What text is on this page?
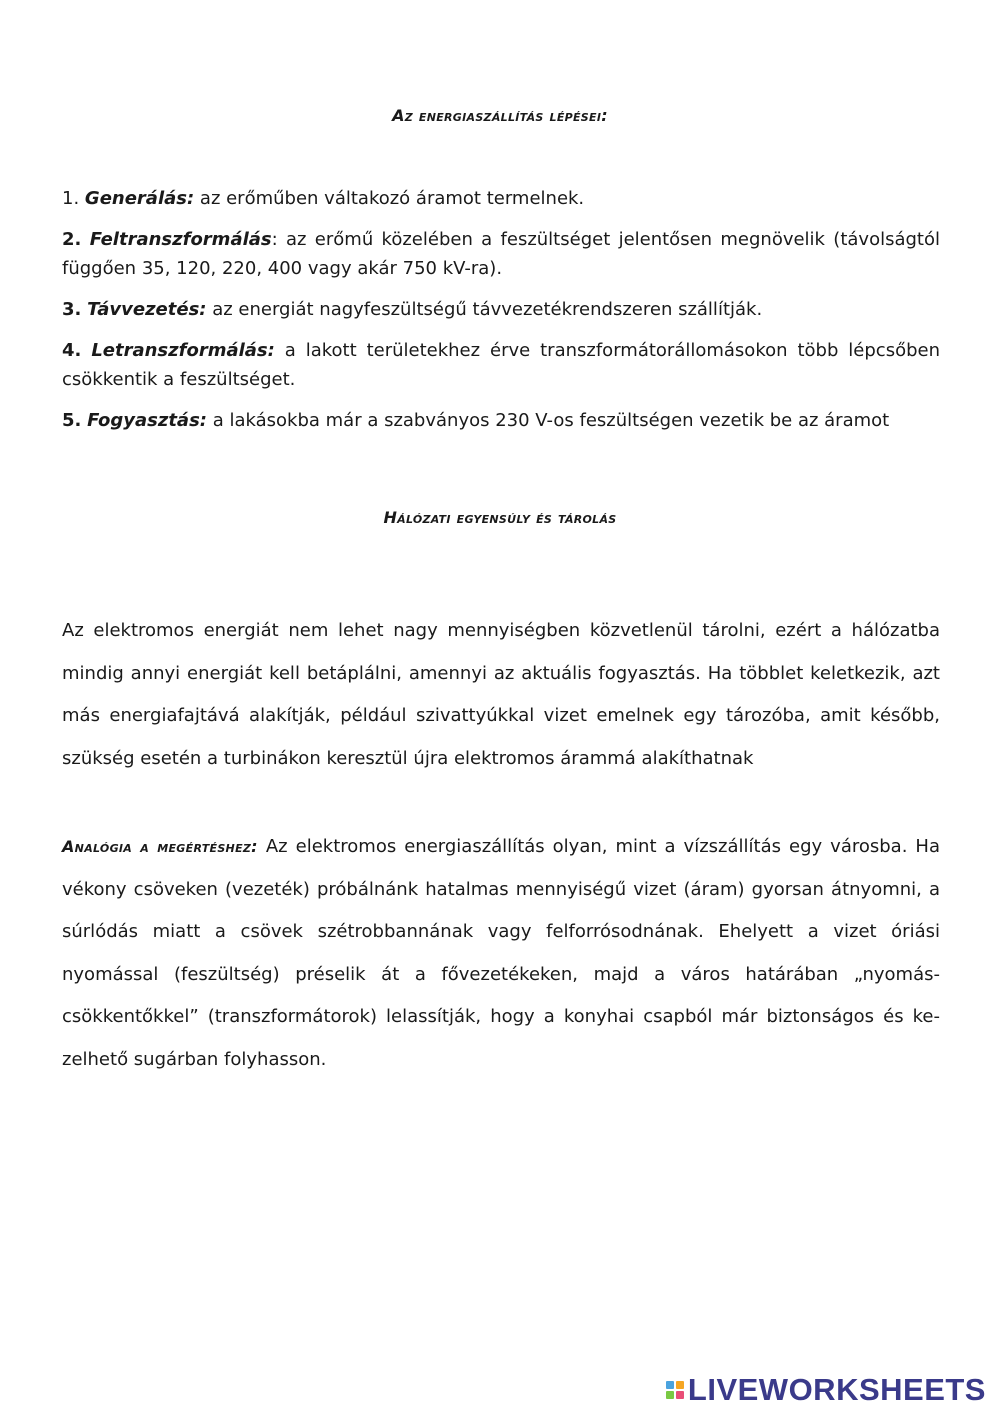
Az energiaszállítás lépései:
1. Generálás: az erőműben váltakozó áramot termelnek.
2. Feltranszformálás: az erőmű közelében a feszültséget jelentősen megnövelik (távolságtól függően 35, 120, 220, 400 vagy akár 750 kV-ra).
3. Távvezetés: az energiát nagyfeszültségű távvezetékrendszeren szállítják.
4. Letranszformálás: a lakott területekhez érve transzformátorállomásokon több lépcsőben csökkentik a feszültséget.
5. Fogyasztás: a lakásokba már a szabványos 230 V-os feszültségen vezetik be az áramot
Hálózati egyensúly és tárolás

Az elektromos energiát nem lehet nagy mennyiségben közvetlenül tárolni, ezért a hálózatba mindig annyi energiát kell betáplálni, amennyi az aktuális fogyasztás. Ha többlet keletkezik, azt más energiafajtává alakítják, például szivattyúkkal vizet emelnek egy tározóba, amit később, szükség esetén a turbinákon keresztül újra elektromos árammá alakíthatnak

Analógia a megértéshez: Az elektromos energiaszállítás olyan, mint a vízszállítás egy városba. Ha vékony csöveken (vezeték) próbálnánk hatalmas mennyiségű vizet (áram) gyorsan átnyomni, a súrlódás miatt a csövek szétrobbannának vagy felforrósodnának. Ehelyett a vizet óriási nyomással (feszültség) préselik át a fővezetékeken, majd a város határában „nyomáscsökkentőkkel” (transzformátorok) lelassítják, hogy a konyhai csapból már biztonságos és kezelhető sugárban folyhasson.

LIVEWORKSHEETS
